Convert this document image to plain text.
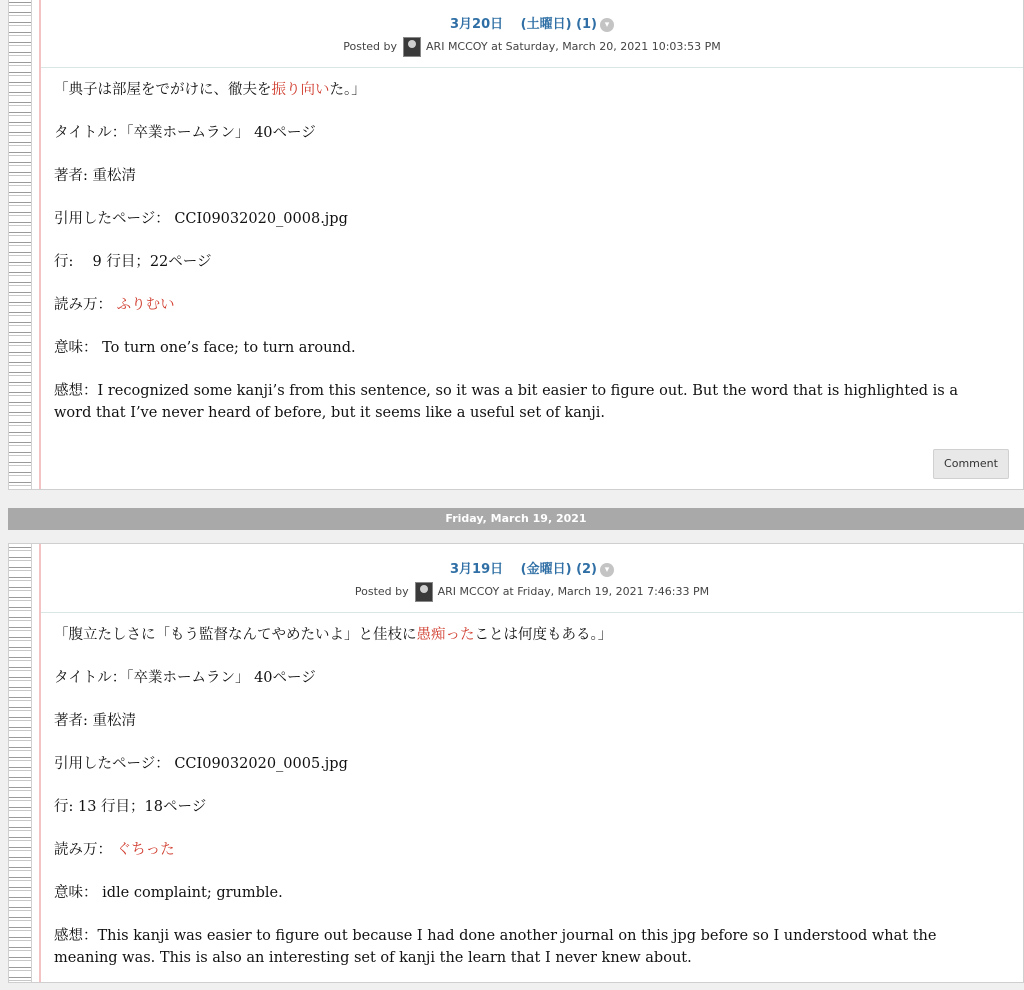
3月20日　 (土曜日) (1) ▾
Posted by	ARI MCCOY at Saturday, March 20, 2021 10:03:53 PM

「典子は部屋をでがけに、徹夫を振り向いた。」

タイトル：「卒業ホームラン」 40ページ

著者: 重松清

引用したページ： CCI09032020_0008.jpg

行:　 9 行目；22ページ

読み万： ふりむい

意味： To turn one’s face; to turn around.

感想：I recognized some kanji’s from this sentence, so it was a bit easier to figure out. But the word that is highlighted is a word that I’ve never heard of before, but it seems like a useful set of kanji.

Comment
Friday, March 19, 2021
3月19日　 (金曜日) (2) ▾
Posted by	ARI MCCOY at Friday, March 19, 2021 7:46:33 PM

「腹立たしさに「もう監督なんてやめたいよ」と佳枝に愚痴ったことは何度もある。」

タイトル：「卒業ホームラン」 40ページ

著者: 重松清

引用したページ： CCI09032020_0005.jpg

行: 13 行目；18ページ

読み万： ぐちった

意味： idle complaint; grumble.

感想：This kanji was easier to figure out because I had done another journal on this jpg before so I understood what the meaning was. This is also an interesting set of kanji the learn that I never knew about.
